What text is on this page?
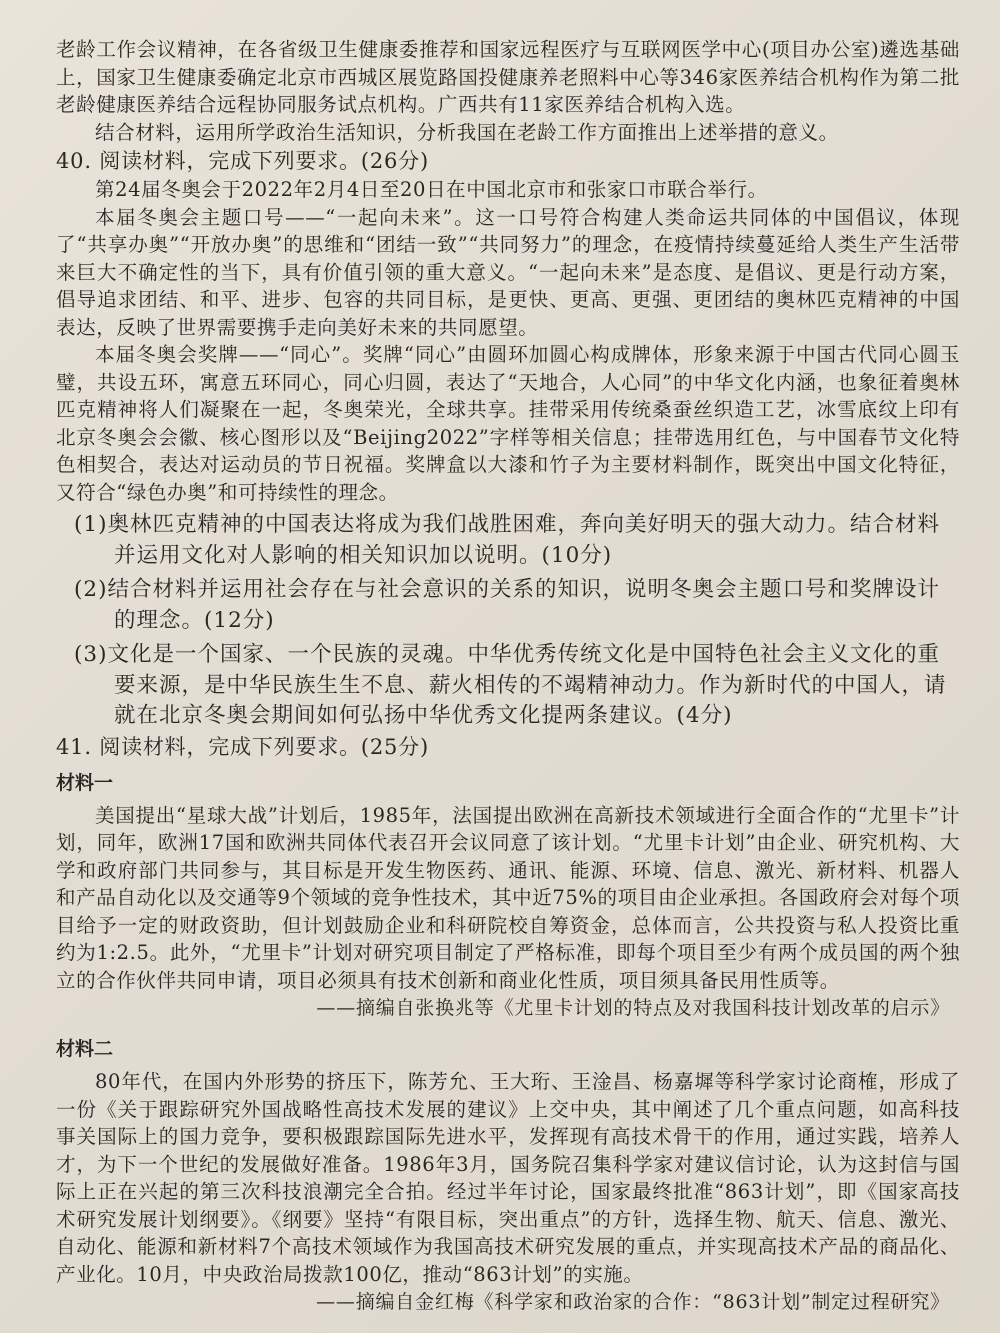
老龄工作会议精神，在各省级卫生健康委推荐和国家远程医疗与互联网医学中心(项目办公室)遴选基础上，国家卫生健康委确定北京市西城区展览路国投健康养老照料中心等346家医养结合机构作为第二批老龄健康医养结合远程协同服务试点机构。广西共有11家医养结合机构入选。

结合材料，运用所学政治生活知识，分析我国在老龄工作方面推出上述举措的意义。

40. 阅读材料，完成下列要求。(26分)

第24届冬奥会于2022年2月4日至20日在中国北京市和张家口市联合举行。

本届冬奥会主题口号——“一起向未来”。这一口号符合构建人类命运共同体的中国倡议，体现了“共享办奥”“开放办奥”的思维和“团结一致”“共同努力”的理念，在疫情持续蔓延给人类生产生活带来巨大不确定性的当下，具有价值引领的重大意义。“一起向未来”是态度、是倡议、更是行动方案，倡导追求团结、和平、进步、包容的共同目标，是更快、更高、更强、更团结的奥林匹克精神的中国表达，反映了世界需要携手走向美好未来的共同愿望。

本届冬奥会奖牌——“同心”。奖牌“同心”由圆环加圆心构成牌体，形象来源于中国古代同心圆玉璧，共设五环，寓意五环同心，同心归圆，表达了“天地合，人心同”的中华文化内涵，也象征着奥林匹克精神将人们凝聚在一起，冬奥荣光，全球共享。挂带采用传统桑蚕丝织造工艺，冰雪底纹上印有北京冬奥会会徽、核心图形以及“Beijing2022”字样等相关信息；挂带选用红色，与中国春节文化特色相契合，表达对运动员的节日祝福。奖牌盒以大漆和竹子为主要材料制作，既突出中国文化特征，又符合“绿色办奥”和可持续性的理念。

(1)奥林匹克精神的中国表达将成为我们战胜困难，奔向美好明天的强大动力。结合材料并运用文化对人影响的相关知识加以说明。(10分)

(2)结合材料并运用社会存在与社会意识的关系的知识，说明冬奥会主题口号和奖牌设计的理念。(12分)

(3)文化是一个国家、一个民族的灵魂。中华优秀传统文化是中国特色社会主义文化的重要来源，是中华民族生生不息、薪火相传的不竭精神动力。作为新时代的中国人，请就在北京冬奥会期间如何弘扬中华优秀文化提两条建议。(4分)

41. 阅读材料，完成下列要求。(25分)

材料一

美国提出“星球大战”计划后，1985年，法国提出欧洲在高新技术领域进行全面合作的“尤里卡”计划，同年，欧洲17国和欧洲共同体代表召开会议同意了该计划。“尤里卡计划”由企业、研究机构、大学和政府部门共同参与，其目标是开发生物医药、通讯、能源、环境、信息、激光、新材料、机器人和产品自动化以及交通等9个领域的竞争性技术，其中近75%的项目由企业承担。各国政府会对每个项目给予一定的财政资助，但计划鼓励企业和科研院校自筹资金，总体而言，公共投资与私人投资比重约为1:2.5。此外，“尤里卡”计划对研究项目制定了严格标准，即每个项目至少有两个成员国的两个独立的合作伙伴共同申请，项目必须具有技术创新和商业化性质，项目须具备民用性质等。

——摘编自张换兆等《尤里卡计划的特点及对我国科技计划改革的启示》

材料二

80年代，在国内外形势的挤压下，陈芳允、王大珩、王淦昌、杨嘉墀等科学家讨论商榷，形成了一份《关于跟踪研究外国战略性高技术发展的建议》上交中央，其中阐述了几个重点问题，如高科技事关国际上的国力竞争，要积极跟踪国际先进水平，发挥现有高技术骨干的作用，通过实践，培养人才，为下一个世纪的发展做好准备。1986年3月，国务院召集科学家对建议信讨论，认为这封信与国际上正在兴起的第三次科技浪潮完全合拍。经过半年讨论，国家最终批准“863计划”，即《国家高技术研究发展计划纲要》。《纲要》坚持“有限目标，突出重点”的方针，选择生物、航天、信息、激光、自动化、能源和新材料7个高技术领域作为我国高技术研究发展的重点，并实现高技术产品的商品化、产业化。10月，中央政治局拨款100亿，推动“863计划”的实施。

——摘编自金红梅《科学家和政治家的合作：“863计划”制定过程研究》
